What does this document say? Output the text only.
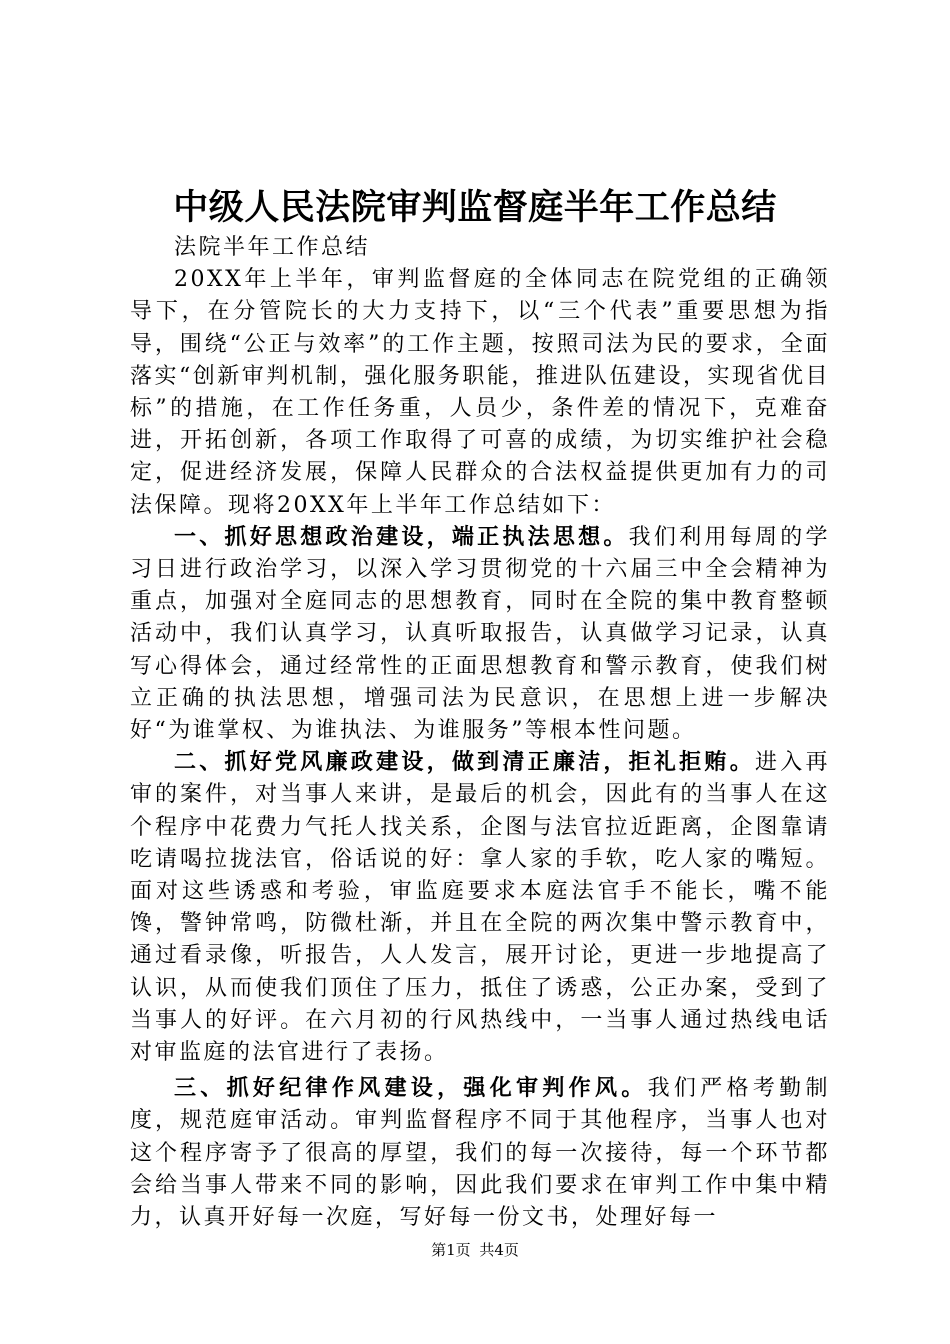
中级人民法院审判监督庭半年工作总结

法院半年工作总结

20XX年上半年，审判监督庭的全体同志在院党组的正确领导下，在分管院长的大力支持下，以“三个代表”重要思想为指导，围绕“公正与效率”的工作主题，按照司法为民的要求，全面落实“创新审判机制，强化服务职能，推进队伍建设，实现省优目标”的措施，在工作任务重，人员少，条件差的情况下，克难奋进，开拓创新，各项工作取得了可喜的成绩，为切实维护社会稳定，促进经济发展，保障人民群众的合法权益提供更加有力的司法保障。现将20XX年上半年工作总结如下：

一、抓好思想政治建设，端正执法思想。我们利用每周的学习日进行政治学习，以深入学习贯彻党的十六届三中全会精神为重点，加强对全庭同志的思想教育，同时在全院的集中教育整顿活动中，我们认真学习，认真听取报告，认真做学习记录，认真写心得体会，通过经常性的正面思想教育和警示教育，使我们树立正确的执法思想，增强司法为民意识，在思想上进一步解决好“为谁掌权、为谁执法、为谁服务”等根本性问题。

二、抓好党风廉政建设，做到清正廉洁，拒礼拒贿。进入再审的案件，对当事人来讲，是最后的机会，因此有的当事人在这个程序中花费力气托人找关系，企图与法官拉近距离，企图靠请吃请喝拉拢法官，俗话说的好：拿人家的手软，吃人家的嘴短。面对这些诱惑和考验，审监庭要求本庭法官手不能长，嘴不能馋，警钟常鸣，防微杜渐，并且在全院的两次集中警示教育中，通过看录像，听报告，人人发言，展开讨论，更进一步地提高了认识，从而使我们顶住了压力，抵住了诱惑，公正办案，受到了当事人的好评。在六月初的行风热线中，一当事人通过热线电话对审监庭的法官进行了表扬。

三、抓好纪律作风建设，强化审判作风。我们严格考勤制度，规范庭审活动。审判监督程序不同于其他程序，当事人也对这个程序寄予了很高的厚望，我们的每一次接待，每一个环节都会给当事人带来不同的影响，因此我们要求在审判工作中集中精力，认真开好每一次庭，写好每一份文书，处理好每一

第1页 共4页
